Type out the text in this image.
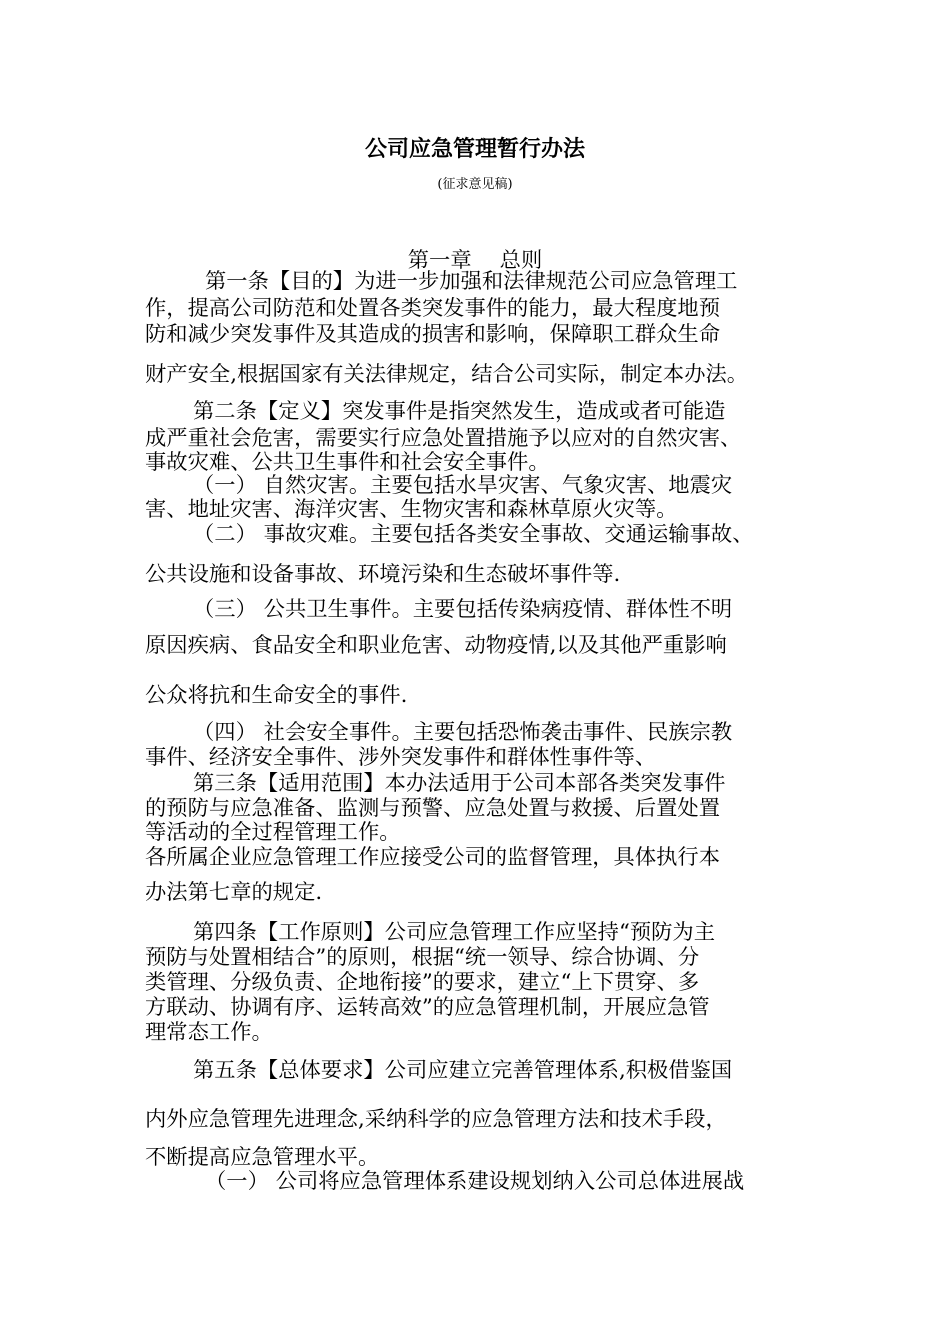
公司应急管理暂行办法
(征求意见稿)
第一章　 总则
第一条【目的】为进一步加强和法律规范公司应急管理工
作，提高公司防范和处置各类突发事件的能力，最大程度地预
防和减少突发事件及其造成的损害和影响，保障职工群众生命
财产安全,根据国家有关法律规定，结合公司实际，制定本办法。
第二条【定义】突发事件是指突然发生，造成或者可能造
成严重社会危害，需要实行应急处置措施予以应对的自然灾害、
事故灾难、公共卫生事件和社会安全事件。
（一） 自然灾害。主要包括水旱灾害、气象灾害、地震灾
害、地址灾害、海洋灾害、生物灾害和森林草原火灾等。
（二） 事故灾难。主要包括各类安全事故、交通运输事故、
公共设施和设备事故、环境污染和生态破坏事件等.
（三） 公共卫生事件。主要包括传染病疫情、群体性不明
原因疾病、食品安全和职业危害、动物疫情,以及其他严重影响
公众将抗和生命安全的事件.
（四） 社会安全事件。主要包括恐怖袭击事件、民族宗教
事件、经济安全事件、涉外突发事件和群体性事件等、
第三条【适用范围】本办法适用于公司本部各类突发事件
的预防与应急准备、监测与预警、应急处置与救援、后置处置
等活动的全过程管理工作。
各所属企业应急管理工作应接受公司的监督管理，具体执行本
办法第七章的规定.
第四条【工作原则】公司应急管理工作应坚持“预防为主
预防与处置相结合”的原则，根据“统一领导、综合协调、分
类管理、分级负责、企地衔接”的要求，建立“上下贯穿、多
方联动、协调有序、运转高效”的应急管理机制，开展应急管
理常态工作。
第五条【总体要求】公司应建立完善管理体系,积极借鉴国
内外应急管理先进理念,采纳科学的应急管理方法和技术手段，
不断提高应急管理水平。
（一） 公司将应急管理体系建设规划纳入公司总体进展战
